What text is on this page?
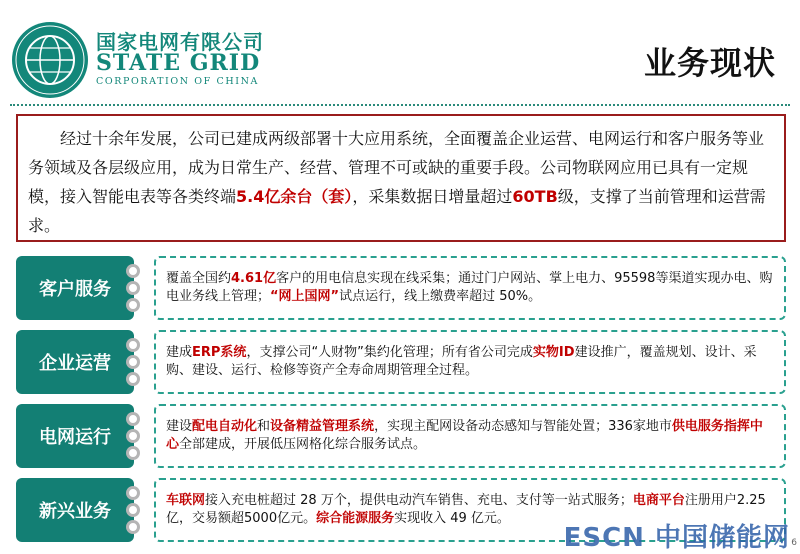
国家电网有限公司
STATE GRID
CORPORATION OF CHINA	业务现状
经过十余年发展，公司已建成两级部署十大应用系统，全面覆盖企业运营、电网运行和客户服务等业务领域及各层级应用，成为日常生产、经营、管理不可或缺的重要手段。公司物联网应用已具有一定规模，接入智能电表等各类终端5.4亿余台（套），采集数据日增量超过60TB级，支撑了当前管理和运营需求。
客户服务
覆盖全国约4.61亿客户的用电信息实现在线采集；通过门户网站、掌上电力、95598等渠道实现办电、购电业务线上管理；“网上国网”试点运行，线上缴费率超过 50%。
企业运营
建成ERP系统，支撑公司“人财物”集约化管理；所有省公司完成实物ID建设推广，覆盖规划、设计、采购、建设、运行、检修等资产全寿命周期管理全过程。
电网运行
建设配电自动化和设备精益管理系统，实现主配网设备动态感知与智能处置；336家地市供电服务指挥中心全部建成，开展低压网格化综合服务试点。
新兴业务
车联网接入充电桩超过 28 万个，提供电动汽车销售、充电、支付等一站式服务；电商平台注册用户2.25亿，交易额超5000亿元。综合能源服务实现收入 49 亿元。
ESCN 中国储能网 6
